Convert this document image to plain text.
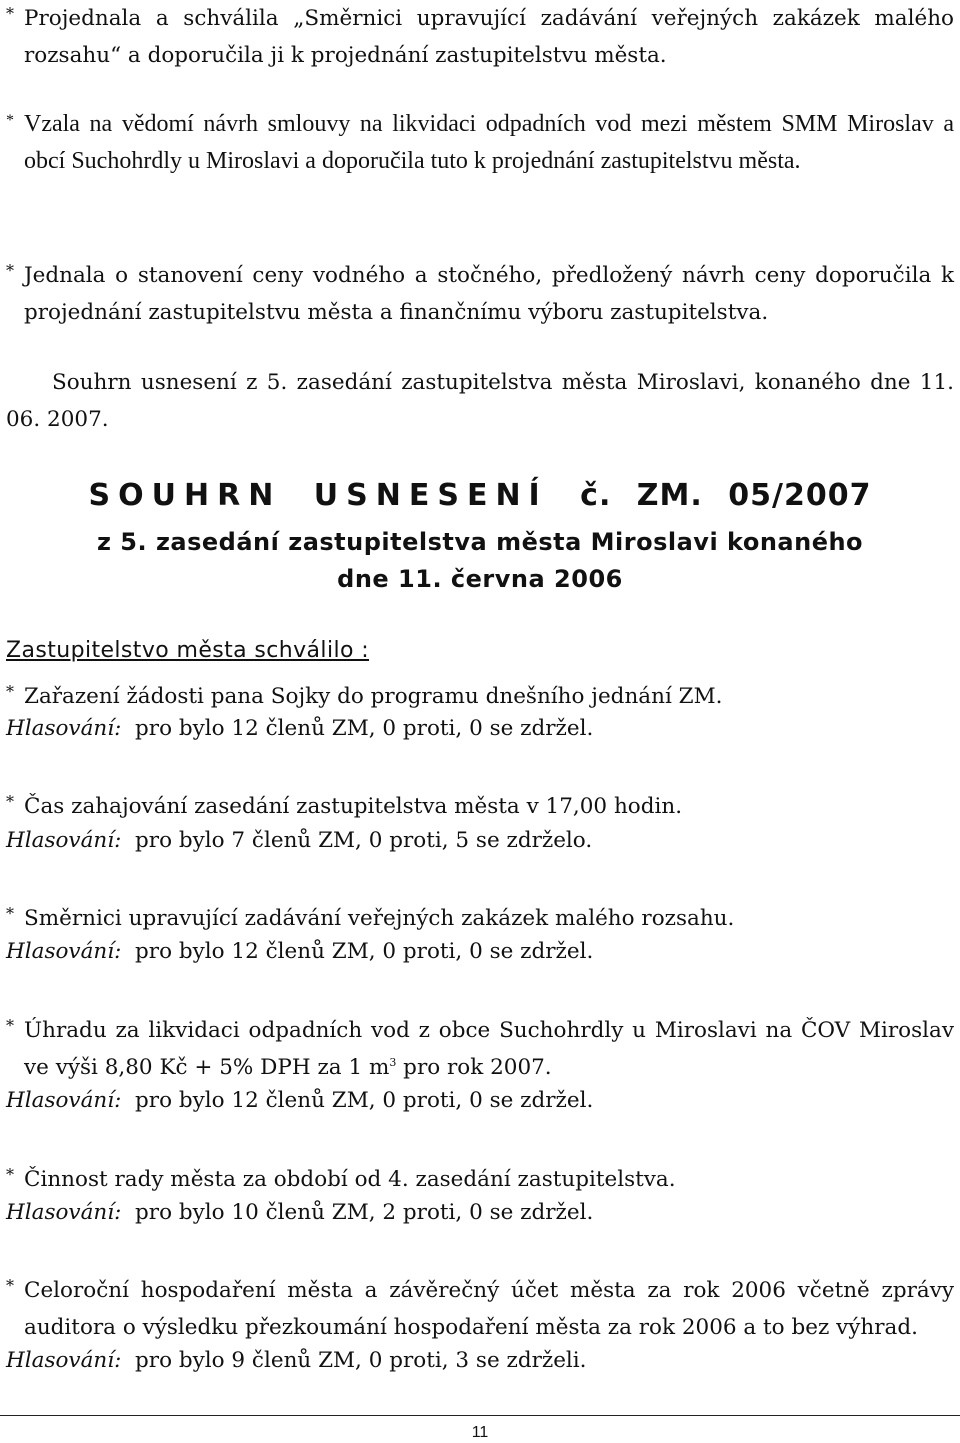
* Projednala a schválila „Směrnici upravující zadávání veřejných zakázek malého rozsahu“ a doporučila ji k projednání zastupitelstvu města.

* Vzala na vědomí návrh smlouvy na likvidaci odpadních vod mezi městem SMM Miroslav a obcí Suchohrdly u Miroslavi a doporučila tuto k projednání zastupitelstvu města.

* Jednala o stanovení ceny vodného a stočného, předložený návrh ceny doporučila k projednání zastupitelstvu města a finančnímu výboru zastupitelstva.

Souhrn usnesení z 5. zasedání zastupitelstva města Miroslavi, konaného dne 11. 06. 2007.

SOUHRN USNESENÍ č. ZM. 05/2007
z 5. zasedání zastupitelstva města Miroslavi konaného
dne 11. června 2006

Zastupitelstvo města schválilo :

* Zařazení žádosti pana Sojky do programu dnešního jednání ZM.

Hlasování: pro bylo 12 členů ZM, 0 proti, 0 se zdržel.

* Čas zahajování zasedání zastupitelstva města v 17,00 hodin.

Hlasování: pro bylo 7 členů ZM, 0 proti, 5 se zdrželo.

* Směrnici upravující zadávání veřejných zakázek malého rozsahu.

Hlasování: pro bylo 12 členů ZM, 0 proti, 0 se zdržel.

* Úhradu za likvidaci odpadních vod z obce Suchohrdly u Miroslavi na ČOV Miroslav ve výši 8,80 Kč + 5% DPH za 1 $m^3$ pro rok 2007.

Hlasování: pro bylo 12 členů ZM, 0 proti, 0 se zdržel.

* Činnost rady města za období od 4. zasedání zastupitelstva.

Hlasování: pro bylo 10 členů ZM, 2 proti, 0 se zdržel.

* Celoroční hospodaření města a závěrečný účet města za rok 2006 včetně zprávy auditora o výsledku přezkoumání hospodaření města za rok 2006 a to bez výhrad.

Hlasování: pro bylo 9 členů ZM, 0 proti, 3 se zdrželi.

11
